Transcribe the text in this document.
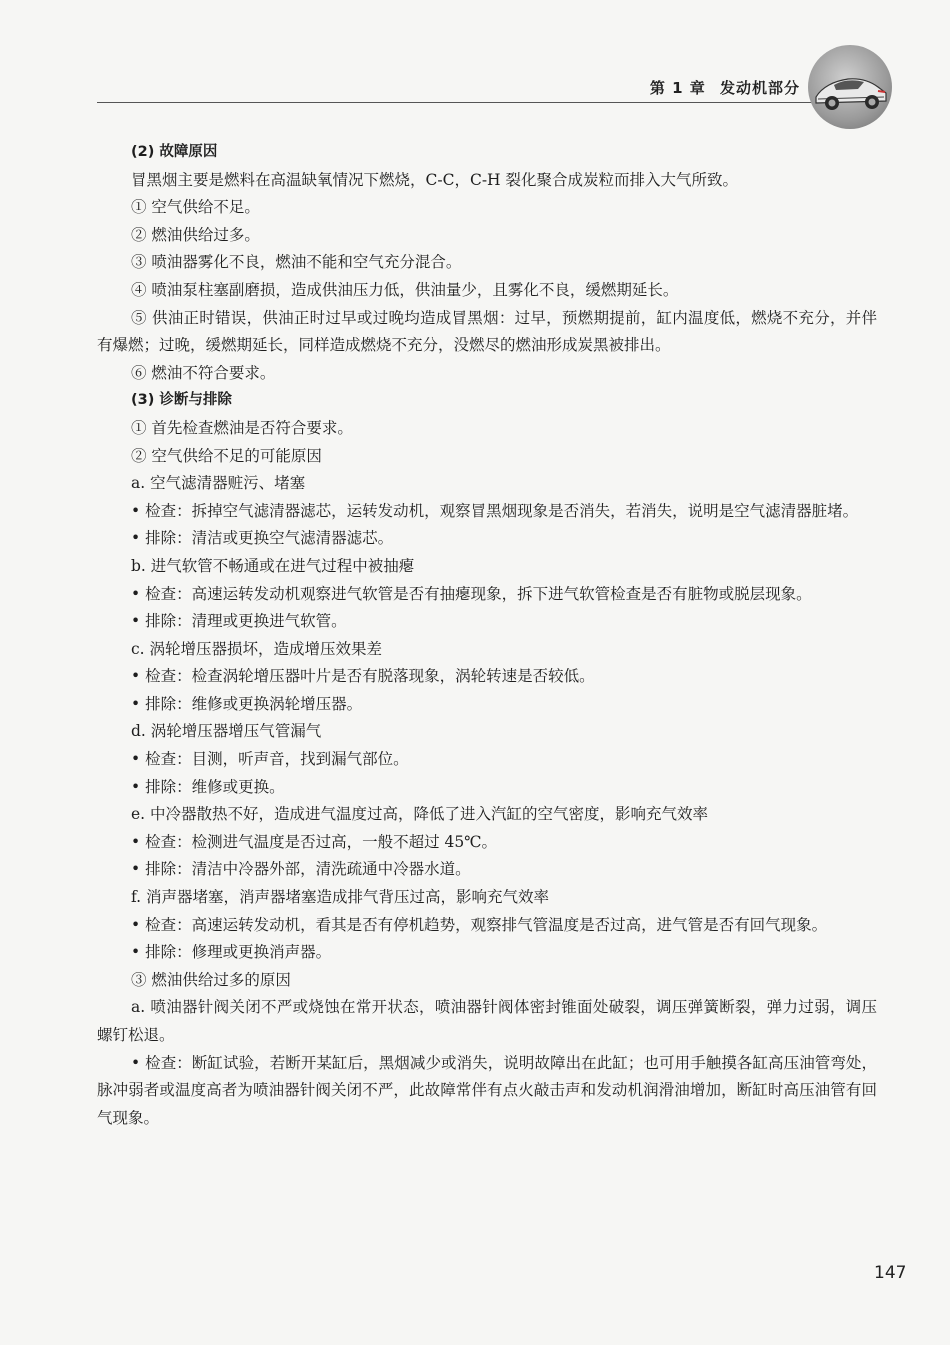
第 1 章 发动机部分

(2) 故障原因

冒黑烟主要是燃料在高温缺氧情况下燃烧，C-C，C-H 裂化聚合成炭粒而排入大气所致。

① 空气供给不足。

② 燃油供给过多。

③ 喷油器雾化不良，燃油不能和空气充分混合。

④ 喷油泵柱塞副磨损，造成供油压力低，供油量少，且雾化不良，缓燃期延长。

⑤ 供油正时错误，供油正时过早或过晚均造成冒黑烟：过早，预燃期提前，缸内温度低，燃烧不充分，并伴有爆燃；过晚，缓燃期延长，同样造成燃烧不充分，没燃尽的燃油形成炭黑被排出。

⑥ 燃油不符合要求。

(3) 诊断与排除

① 首先检查燃油是否符合要求。

② 空气供给不足的可能原因

a. 空气滤清器赃污、堵塞

• 检查：拆掉空气滤清器滤芯，运转发动机，观察冒黑烟现象是否消失，若消失，说明是空气滤清器脏堵。

• 排除：清洁或更换空气滤清器滤芯。

b. 进气软管不畅通或在进气过程中被抽瘪

• 检查：高速运转发动机观察进气软管是否有抽瘪现象，拆下进气软管检查是否有脏物或脱层现象。

• 排除：清理或更换进气软管。

c. 涡轮增压器损坏，造成增压效果差

• 检查：检查涡轮增压器叶片是否有脱落现象，涡轮转速是否较低。

• 排除：维修或更换涡轮增压器。

d. 涡轮增压器增压气管漏气

• 检查：目测，听声音，找到漏气部位。

• 排除：维修或更换。

e. 中冷器散热不好，造成进气温度过高，降低了进入汽缸的空气密度，影响充气效率

• 检查：检测进气温度是否过高，一般不超过 45℃。

• 排除：清洁中冷器外部，清洗疏通中冷器水道。

f. 消声器堵塞，消声器堵塞造成排气背压过高，影响充气效率

• 检查：高速运转发动机，看其是否有停机趋势，观察排气管温度是否过高，进气管是否有回气现象。

• 排除：修理或更换消声器。

③ 燃油供给过多的原因

a. 喷油器针阀关闭不严或烧蚀在常开状态，喷油器针阀体密封锥面处破裂，调压弹簧断裂，弹力过弱，调压螺钉松退。

• 检查：断缸试验，若断开某缸后，黑烟减少或消失，说明故障出在此缸；也可用手触摸各缸高压油管弯处，脉冲弱者或温度高者为喷油器针阀关闭不严，此故障常伴有点火敲击声和发动机润滑油增加，断缸时高压油管有回气现象。

147
